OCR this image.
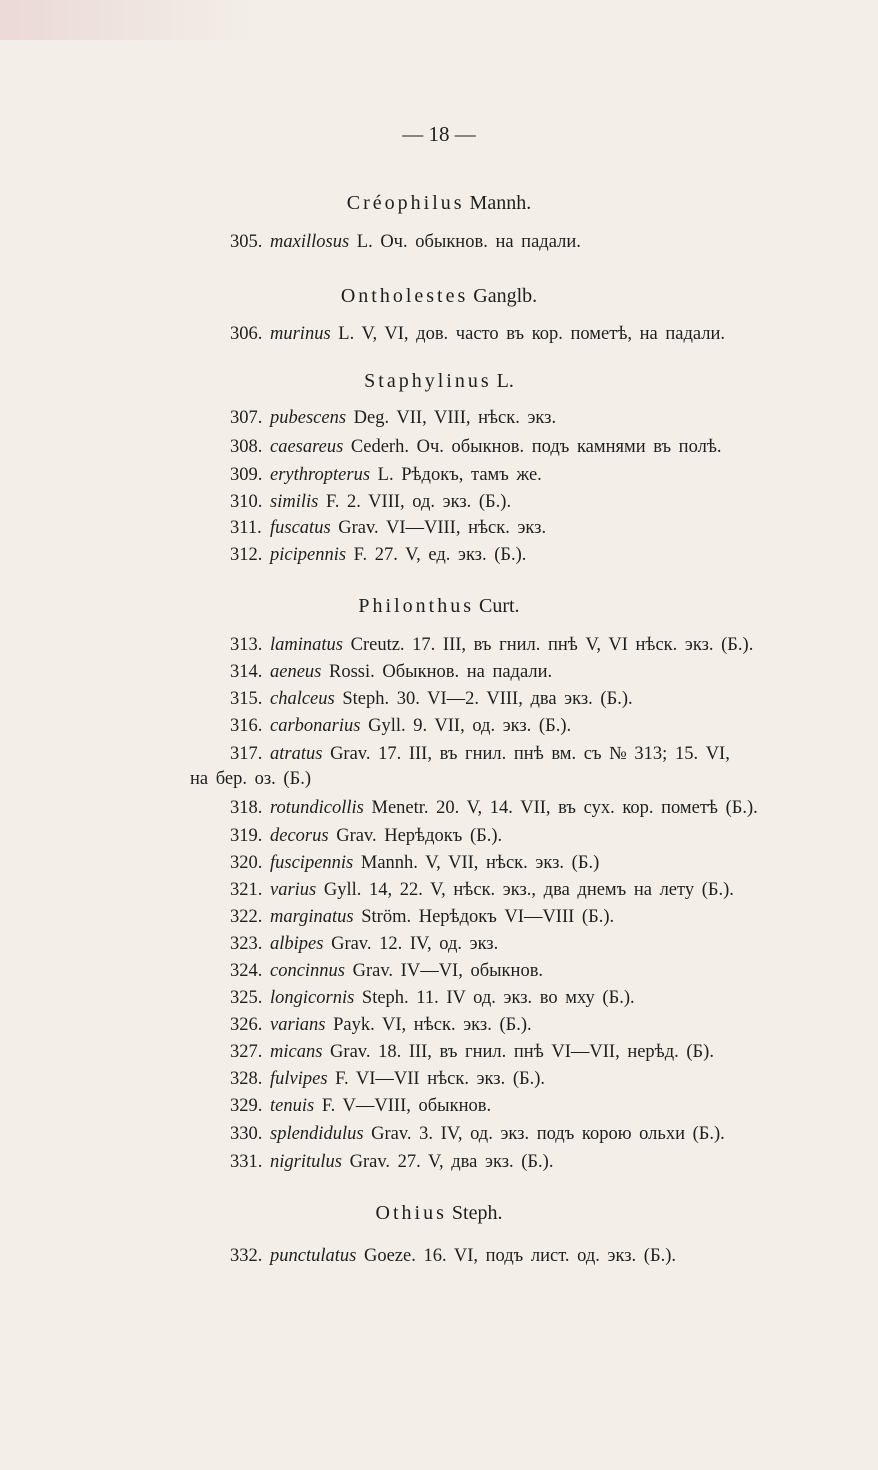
— 18 —
Créophilus Mannh.
305.maxillosus L. Оч. обыкнов. на падали.
Ontholestes Ganglb.
306.murinus L. V, VI, дов. часто въ кор. пометѣ, на падали.
Staphylinus L.
307.pubescens Deg. VII, VIII, нѣск. экз.
308.caesareus Cederh. Оч. обыкнов. подъ камнями въ полѣ.
309.erythropterus L. Рѣдокъ, тамъ же.
310.similis F. 2. VIII, од. экз. (Б.).
311.fuscatus Grav. VI—VIII, нѣск. экз.
312.picipennis F. 27. V, ед. экз. (Б.).
Philonthus Curt.
313.laminatus Creutz. 17. III, въ гнил. пнѣ V, VI нѣск. экз. (Б.).
314.aeneus Rossi. Обыкнов. на падали.
315.chalceus Steph. 30. VI—2. VIII, два экз. (Б.).
316.carbonarius Gyll. 9. VII, од. экз. (Б.).
317.atratus Grav. 17. III, въ гнил. пнѣ вм. съ № 313; 15. VI,
на бер. оз. (Б.)
318.rotundicollis Menetr. 20. V, 14. VII, въ сух. кор. пометѣ (Б.).
319.decorus Grav. Нерѣдокъ (Б.).
320.fuscipennis Mannh. V, VII, нѣск. экз. (Б.)
321.varius Gyll. 14, 22. V, нѣск. экз., два днемъ на лету (Б.).
322.marginatus Ström. Нерѣдокъ VI—VIII (Б.).
323.albipes Grav. 12. IV, од. экз.
324.concinnus Grav. IV—VI, обыкнов.
325.longicornis Steph. 11. IV од. экз. во мху (Б.).
326.varians Payk. VI, нѣск. экз. (Б.).
327.micans Grav. 18. III, въ гнил. пнѣ VI—VII, нерѣд. (Б).
328.fulvipes F. VI—VII нѣск. экз. (Б.).
329.tenuis F. V—VIII, обыкнов.
330.splendidulus Grav. 3. IV, од. экз. подъ корою ольхи (Б.).
331.nigritulus Grav. 27. V, два экз. (Б.).
Othius Steph.
332.punctulatus Goeze. 16. VI, подъ лист. од. экз. (Б.).
